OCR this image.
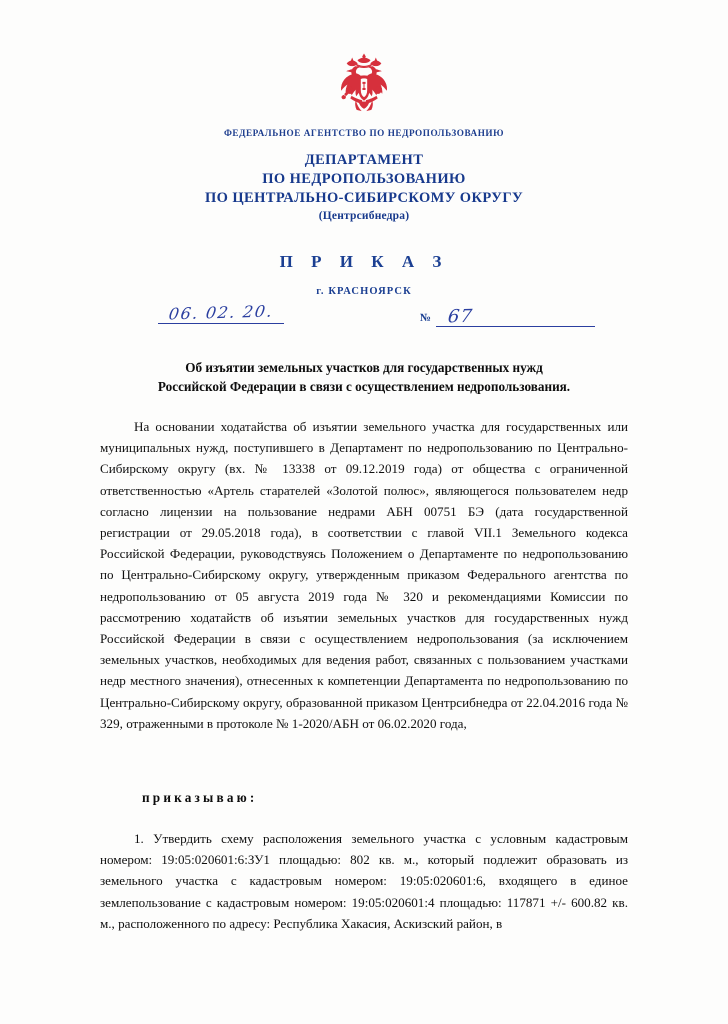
ФЕДЕРАЛЬНОЕ АГЕНТСТВО ПО НЕДРОПОЛЬЗОВАНИЮ
ДЕПАРТАМЕНТ
ПО НЕДРОПОЛЬЗОВАНИЮ
ПО ЦЕНТРАЛЬНО-СИБИРСКОМУ ОКРУГУ
(Центрсибнедра)
П Р И К А З
г. КРАСНОЯРСК
06. 02. 20.	№ 67
Об изъятии земельных участков для государственных нужд
Российской Федерации в связи с осуществлением недропользования.

На основании ходатайства об изъятии земельного участка для государственных или муниципальных нужд, поступившего в Департамент по недропользованию по Центрально-Сибирскому округу (вх. № 13338 от 09.12.2019 года) от общества с ограниченной ответственностью «Артель старателей «Золотой полюс», являющегося пользователем недр согласно лицензии на пользование недрами АБН 00751 БЭ (дата государственной регистрации от 29.05.2018 года), в соответствии с главой VII.1 Земельного кодекса Российской Федерации, руководствуясь Положением о Департаменте по недропользованию по Центрально-Сибирскому округу, утвержденным приказом Федерального агентства по недропользованию от 05 августа 2019 года № 320 и рекомендациями Комиссии по рассмотрению ходатайств об изъятии земельных участков для государственных нужд Российской Федерации в связи с осуществлением недропользования (за исключением земельных участков, необходимых для ведения работ, связанных с пользованием участками недр местного значения), отнесенных к компетенции Департамента по недропользованию по Центрально-Сибирскому округу, образованной приказом Центрсибнедра от 22.04.2016 года № 329, отраженными в протоколе № 1-2020/АБН от 06.02.2020 года,

приказываю:

1. Утвердить схему расположения земельного участка с условным кадастровым номером: 19:05:020601:6:ЗУ1 площадью: 802 кв. м., который подлежит образовать из земельного участка с кадастровым номером: 19:05:020601:6, входящего в единое землепользование с кадастровым номером: 19:05:020601:4 площадью: 117871 +/- 600.82 кв. м., расположенного по адресу: Республика Хакасия, Аскизский район, в
